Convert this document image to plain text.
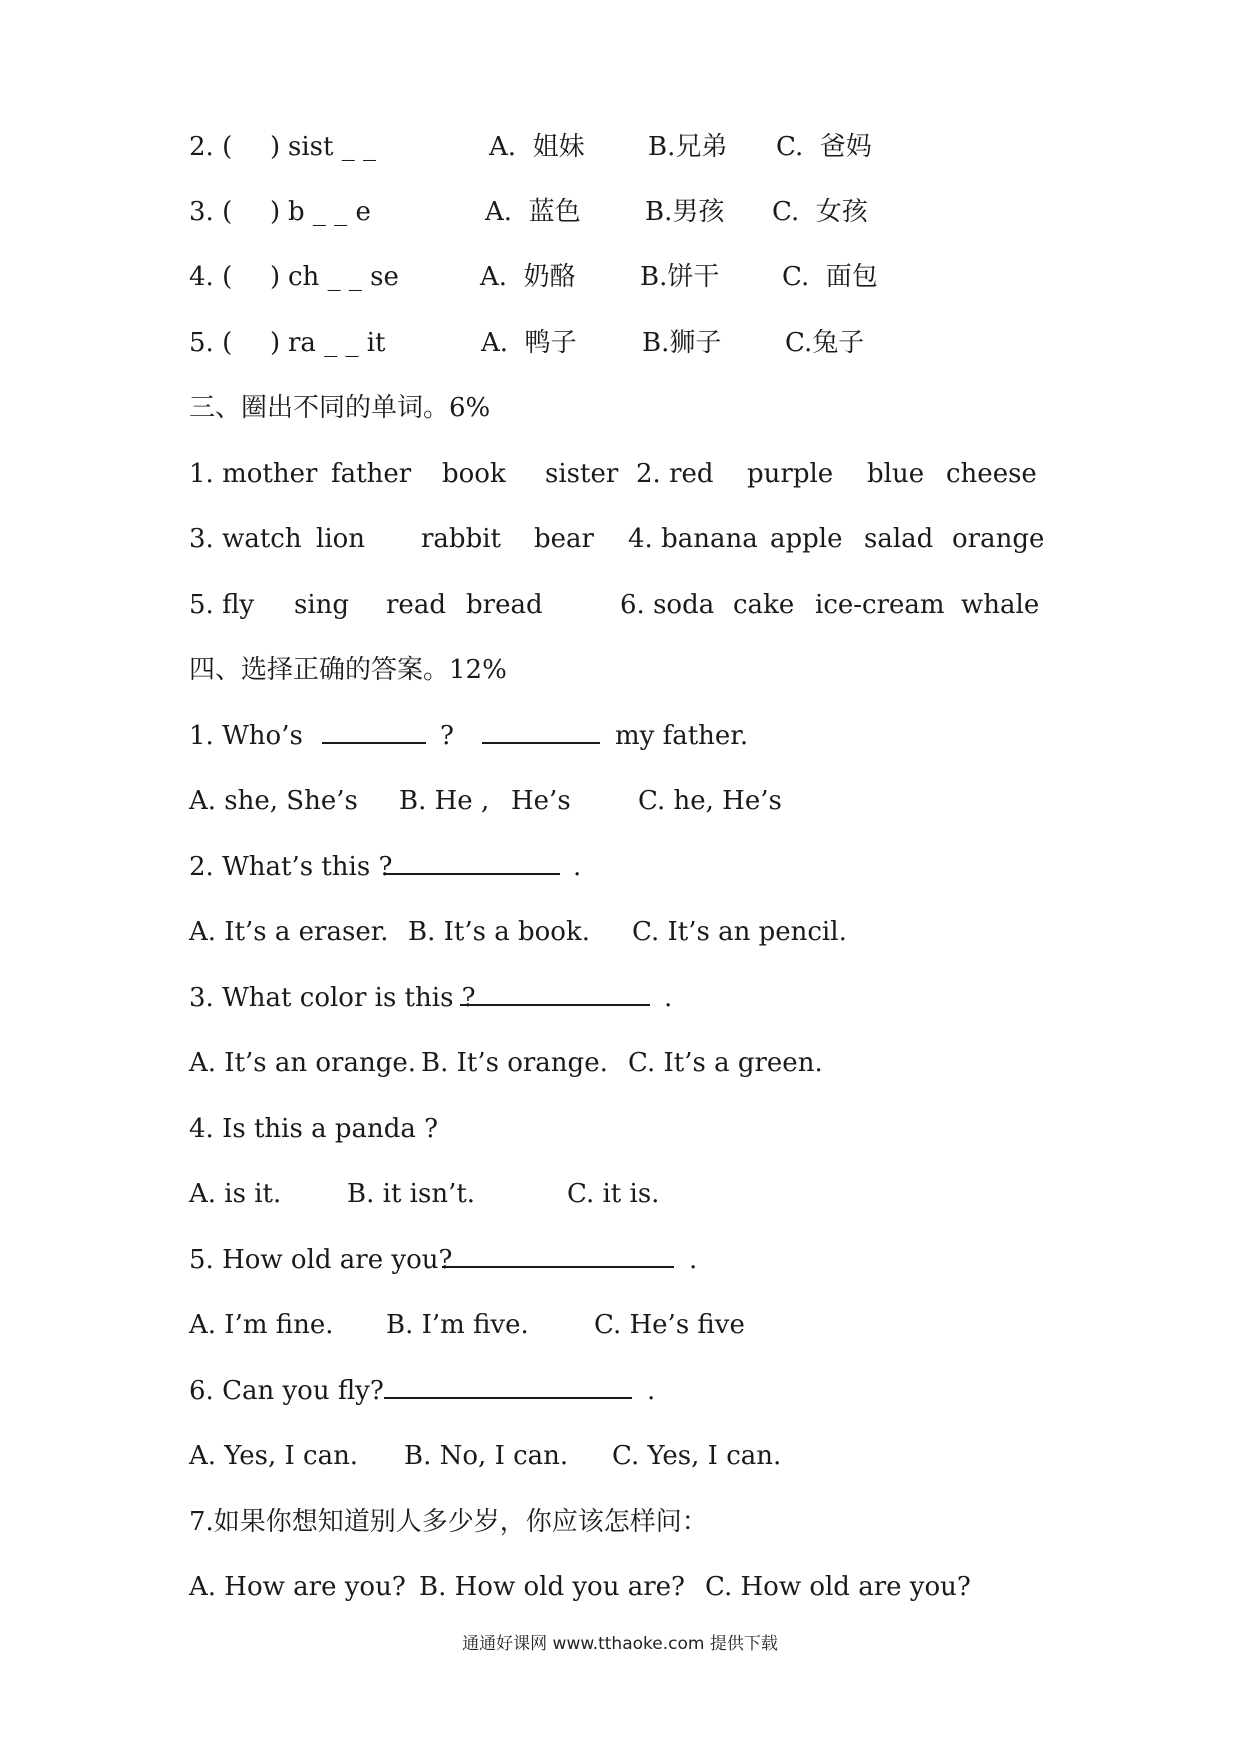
2. ( ) sist _ _	A.  姐妹 B.兄弟 C.  爸妈
3. ( ) b _ _ e	A.  蓝色 B.男孩 C.  女孩
4. ( ) ch _ _ se	A.  奶酪 B.饼干 C.  面包
5. ( ) ra _ _ it	A.  鸭子	B.狮子 C.兔子
三、圈出不同的单词。6%
1. mother father book sister 2. red purple blue cheese
3. watch lion rabbit bear 4. banana apple salad orange
5. fly sing read bread	6. soda cake ice-cream whale
四、选择正确的答案。12%
1. Who’s	?	my father.
A. she, She’s B. He , He’s	C. he, He’s
2. What’s this ?	.
A. It’s a eraser. B. It’s a book. C. It’s an pencil.
3. What color is this ?	.
A. It’s an orange. B. It’s orange. C. It’s a green.
4. Is this a panda ?
A. is it.	B. it isn’t.	C. it is.
5. How old are you?	.
A. I’m fine. B. I’m five.	C. He’s five
6. Can you fly?	.
A. Yes, I can. B. No, I can. C. Yes, I can.
7.如果你想知道别人多少岁，你应该怎样问：
A. How are you? B. How old you are? C. How old are you?
通通好课网 www.tthaoke.com 提供下载
